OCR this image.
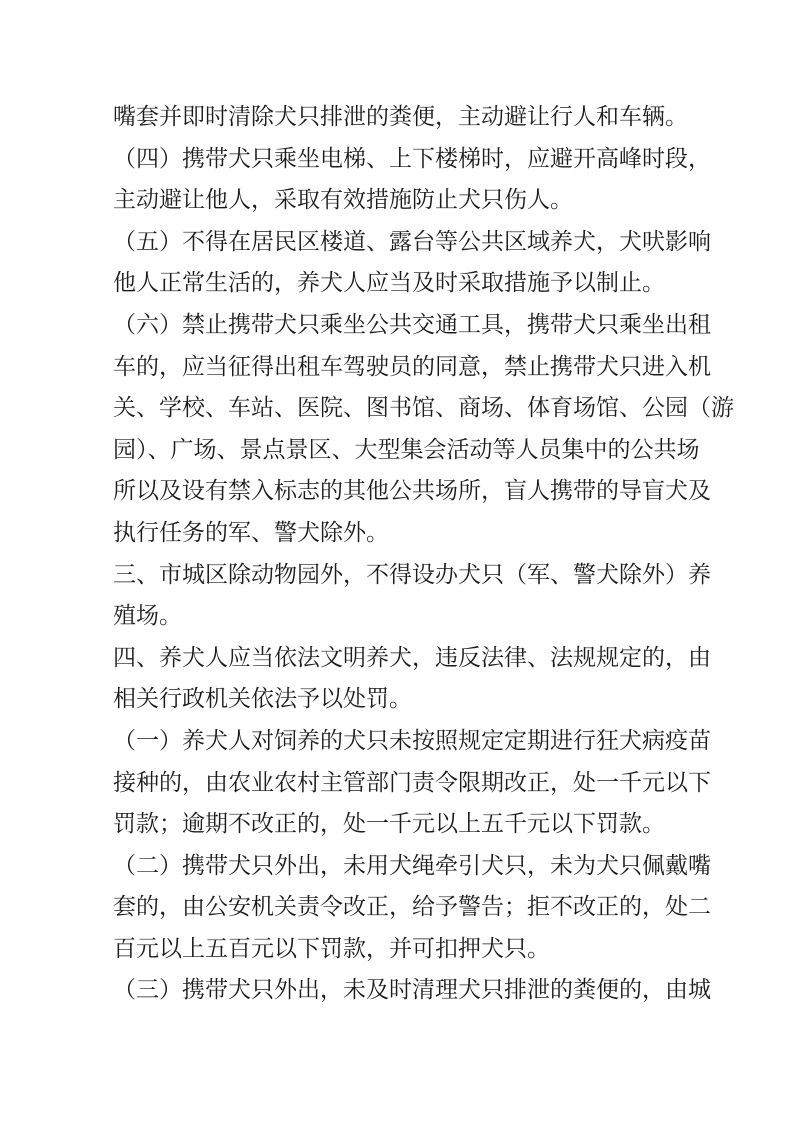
嘴套并即时清除犬只排泄的粪便，主动避让行人和车辆。
（四）携带犬只乘坐电梯、上下楼梯时，应避开高峰时段，
主动避让他人，采取有效措施防止犬只伤人。
（五）不得在居民区楼道、露台等公共区域养犬，犬吠影响
他人正常生活的，养犬人应当及时采取措施予以制止。
（六）禁止携带犬只乘坐公共交通工具，携带犬只乘坐出租
车的，应当征得出租车驾驶员的同意，禁止携带犬只进入机
关、学校、车站、医院、图书馆、商场、体育场馆、公园（游
园）、广场、景点景区、大型集会活动等人员集中的公共场
所以及设有禁入标志的其他公共场所，盲人携带的导盲犬及
执行任务的军、警犬除外。
三、市城区除动物园外，不得设办犬只（军、警犬除外）养
殖场。
四、养犬人应当依法文明养犬，违反法律、法规规定的，由
相关行政机关依法予以处罚。
（一）养犬人对饲养的犬只未按照规定定期进行狂犬病疫苗
接种的，由农业农村主管部门责令限期改正，处一千元以下
罚款；逾期不改正的，处一千元以上五千元以下罚款。
（二）携带犬只外出，未用犬绳牵引犬只，未为犬只佩戴嘴
套的，由公安机关责令改正，给予警告；拒不改正的，处二
百元以上五百元以下罚款，并可扣押犬只。
（三）携带犬只外出，未及时清理犬只排泄的粪便的，由城
